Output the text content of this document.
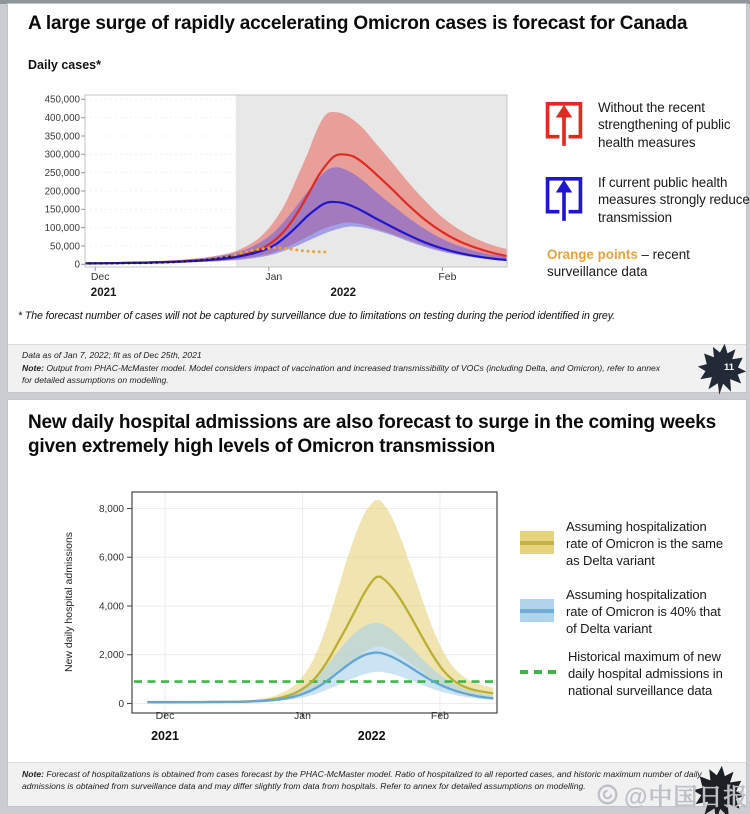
A large surge of rapidly accelerating Omicron cases is forecast for Canada
Daily cases*
0
50,000
100,000
150,000
200,000
250,000
300,000
350,000
400,000
450,000
Dec	Jan	Feb
2021	2022

Without the recent strengthening of public health measures

If current public health measures strongly reduce transmission

Orange points – recent surveillance data

* The forecast number of cases will not be captured by surveillance due to limitations on testing during the period identified in grey.

Data as of Jan 7, 2022; fit as of Dec 25th, 2021

Note: Output from PHAC-McMaster model. Model considers impact of vaccination and increased transmissibility of VOCs (including Delta, and Omicron), refer to annex for detailed assumptions on modelling.

11
New daily hospital admissions are also forecast to surge in the coming weeks given extremely high levels of Omicron transmission
0
2,000
4,000
6,000
8,000
Dec	Jan	Feb
2021	2022
New daily hospital admissions

Assuming hospitalization rate of Omicron is the same as Delta variant

Assuming hospitalization rate of Omicron is 40% that of Delta variant

Historical maximum of new daily hospital admissions in national surveillance data

Note: Forecast of hospitalizations is obtained from cases forecast by the PHAC-McMaster model. Ratio of hospitalized to all reported cases, and historic maximum number of daily admissions is obtained from surveillance data and may differ slightly from data from hospitals. Refer to annex for detailed assumptions on modelling.	@中国日报
